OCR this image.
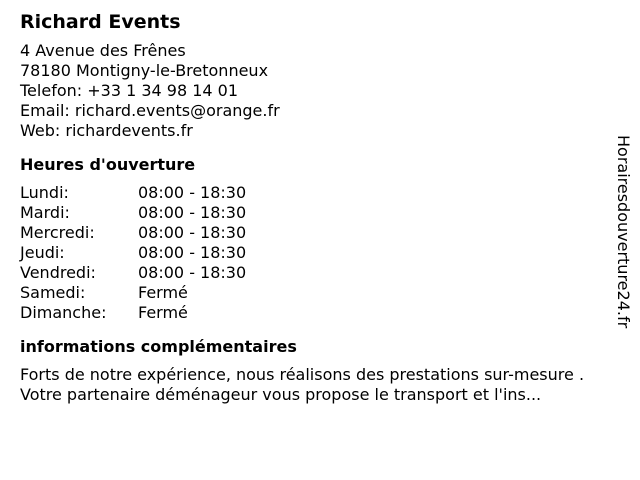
Richard Events
4 Avenue des Frênes
78180 Montigny-le-Bretonneux
Telefon: +33 1 34 98 14 01
Email: richard.events@orange.fr
Web: richardevents.fr
Heures d'ouverture
Lundi:	08:00 - 18:30
Mardi:	08:00 - 18:30
Mercredi:	08:00 - 18:30
Jeudi:	08:00 - 18:30
Vendredi:	08:00 - 18:30
Samedi:	Fermé
Dimanche:	Fermé
informations complémentaires
Forts de notre expérience, nous réalisons des prestations sur-mesure .
Votre partenaire déménageur vous propose le transport et l'ins...
Horairesdouverture24.fr
